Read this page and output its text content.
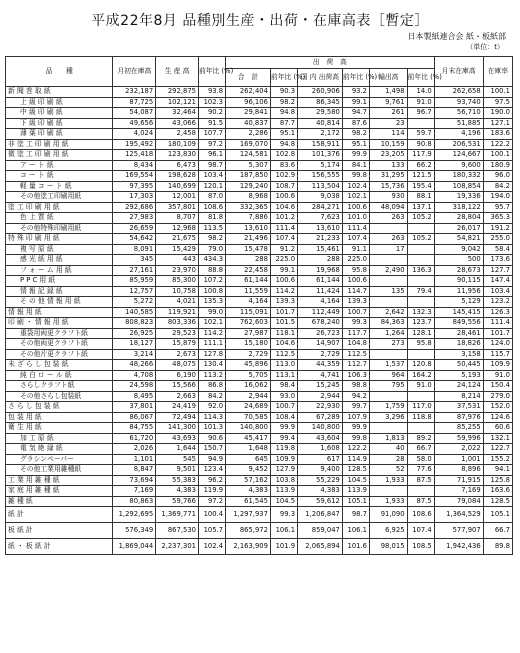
平成22年8月 品種別生産・出荷・在庫高表［暫定］
日本製紙連合会 紙・板紙部
（単位：t）
品　　種	月初在庫高	生 産 高	前年比 (%)	出　荷　高						月末在庫高	在庫率
				合　計	前年比 (%)	国 内 出荷高	前年比 (%)	輸出高	前年比 (%)		

新 聞 巻 取 紙	232,187	292,875	93.8	262,404	90.3	260,906	93.2	1,498	14.0	262,658	100.1
上 級 印 刷 紙	87,725	102,121	102.3	96,106	98.2	86,345	99.1	9,761	91.0	93,740	97.5
中 級 印 刷 紙	54,087	32,464	90.2	29,841	94.8	29,580	94.7	261	96.7	56,710	190.0
下 級 印 刷 紙	49,656	43,066	91.5	40,837	87.7	40,814	87.6	23		51,885	127.1
薄 葉 印 刷 紙	4,024	2,458	107.7	2,286	95.1	2,172	98.2	114	59.7	4,196	183.6
非 塗 工 印 刷 用 紙	195,492	180,109	97.2	169,070	94.8	158,911	95.1	10,159	90.8	206,531	122.2
微 塗 工 印 刷 用 紙	125,418	123,830	96.1	124,581	102.8	101,376	99.9	23,205	117.9	124,667	100.1
ア ー ト 紙	8,434	6,473	98.7	5,307	83.6	5,174	84.1	133	66.2	9,600	180.9
コ ー ト 紙	169,554	198,628	103.4	187,850	102.9	156,555	99.8	31,295	121.5	180,332	96.0
軽 量 コ ー ト 紙	97,395	140,699	120.1	129,240	108.7	113,504	102.4	15,736	195.4	108,854	84.2
その他塗工印刷用紙	17,303	12,001	87.0	8,968	100.6	9,038	102.1	930	88.1	19,336	194.0
塗 工 印 刷 用 紙	292,686	357,801	108.6	332,365	104.6	284,271	100.6	48,094	137.1	318,122	95.7
色 上 質 紙	27,983	8,707	81.8	7,886	101.2	7,623	101.0	263	105.2	28,804	365.3
その他特殊印刷用紙	26,659	12,968	113.5	13,610	111.4	13,610	111.4			26,017	191.2
特 殊 印 刷 用 紙	54,642	21,675	98.2	21,496	107.4	21,233	107.4	263	105.2	54,821	255.0
複 写 原 紙	8,091	15,429	79.0	15,478	91.2	15,461	91.1	17		9,042	58.4
感 光 紙 用 紙	345	443	434.3	288	225.0	288	225.0			500	173.6
フ ォ ー ム 用 紙	27,161	23,970	88.8	22,458	99.1	19,968	95.8	2,490	136.3	28,673	127.7
P P C 用 紙	85,959	85,300	107.2	61,144	100.6	61,144	100.6			90,115	147.4
情 報 記 録 紙	12,757	10,758	100.8	11,559	114.2	11,424	114.7	135	79.4	11,956	103.4
そ の 他 情 報 用 紙	5,272	4,021	135.3	4,164	139.3	4,164	139.3			5,129	123.2
情 報 用 紙	140,585	119,921	99.0	115,091	101.7	112,449	100.7	2,642	132.3	145,415	126.3
印 刷 ・ 情 報 用 紙	808,823	803,336	102.1	762,603	101.5	678,240	99.3	84,363	123.7	849,556	111.4
重袋用両更クラフト紙	26,925	29,523	114.2	27,987	118.1	26,723	117.7	1,264	128.1	28,461	101.7
その他両更クラフト紙	18,127	15,879	111.1	15,180	104.6	14,907	104.8	273	95.8	18,826	124.0
その他片更クラフト紙	3,214	2,673	127.8	2,729	112.5	2,729	112.5			3,158	115.7
未 ざ ら し 包 装 紙	48,266	48,075	130.4	45,896	113.0	44,359	112.7	1,537	120.8	50,445	109.9
純 白 ロ ー ル 紙	4,708	6,190	113.2	5,705	113.1	4,741	106.3	964	164.2	5,193	91.0
さらしクラフト紙	24,598	15,566	86.8	16,062	98.4	15,245	98.8	795	91.0	24,124	150.4
その他さらし包装紙	8,495	2,663	84.2	2,944	93.0	2,944	94.2			8,214	279.0
さ ら し 包 装 紙	37,801	24,419	92.0	24,689	100.7	22,930	99.7	1,759	117.0	37,531	152.0
包 装 用 紙	86,067	72,494	114.3	70,585	108.4	67,289	107.9	3,296	118.8	87,976	124.6
衛 生 用 紙	84,755	141,300	101.3	140,800	99.9	140,800	99.9			85,255	60.6
加 工 原 紙	61,720	43,693	90.6	45,417	99.4	43,604	99.8	1,813	89.2	59,996	132.1
電 気 絶 縁 紙	2,026	1,644	150.7	1,648	119.8	1,608	122.2	40	66.7	2,022	122.7
グラシンペーパー	1,101	545	94.9	645	109.9	617	114.9	28	58.0	1,001	155.2
その他工業用雑種紙	8,847	9,501	123.4	9,452	127.9	9,400	128.5	52	77.6	8,896	94.1
工 業 用 雑 種 紙	73,694	55,383	96.2	57,162	103.8	55,229	104.5	1,933	87.5	71,915	125.8
家 庭 用 雑 種 紙	7,169	4,383	119.9	4,383	113.9	4,383	113.9			7,169	163.6
雑 種 紙	80,863	59,766	97.2	61,545	104.5	59,612	105.1	1,933	87.5	79,084	128.5
紙 計	1,292,695	1,369,771	100.4	1,297,937	99.3	1,206,847	98.7	91,090	108.6	1,364,529	105.1
板 紙 計	576,349	867,530	105.7	865,972	106.1	859,047	106.1	6,925	107.4	577,907	66.7
紙 ・ 板 紙 計	1,869,044	2,237,301	102.4	2,163,909	101.9	2,065,894	101.6	98,015	108.5	1,942,436	89.8
